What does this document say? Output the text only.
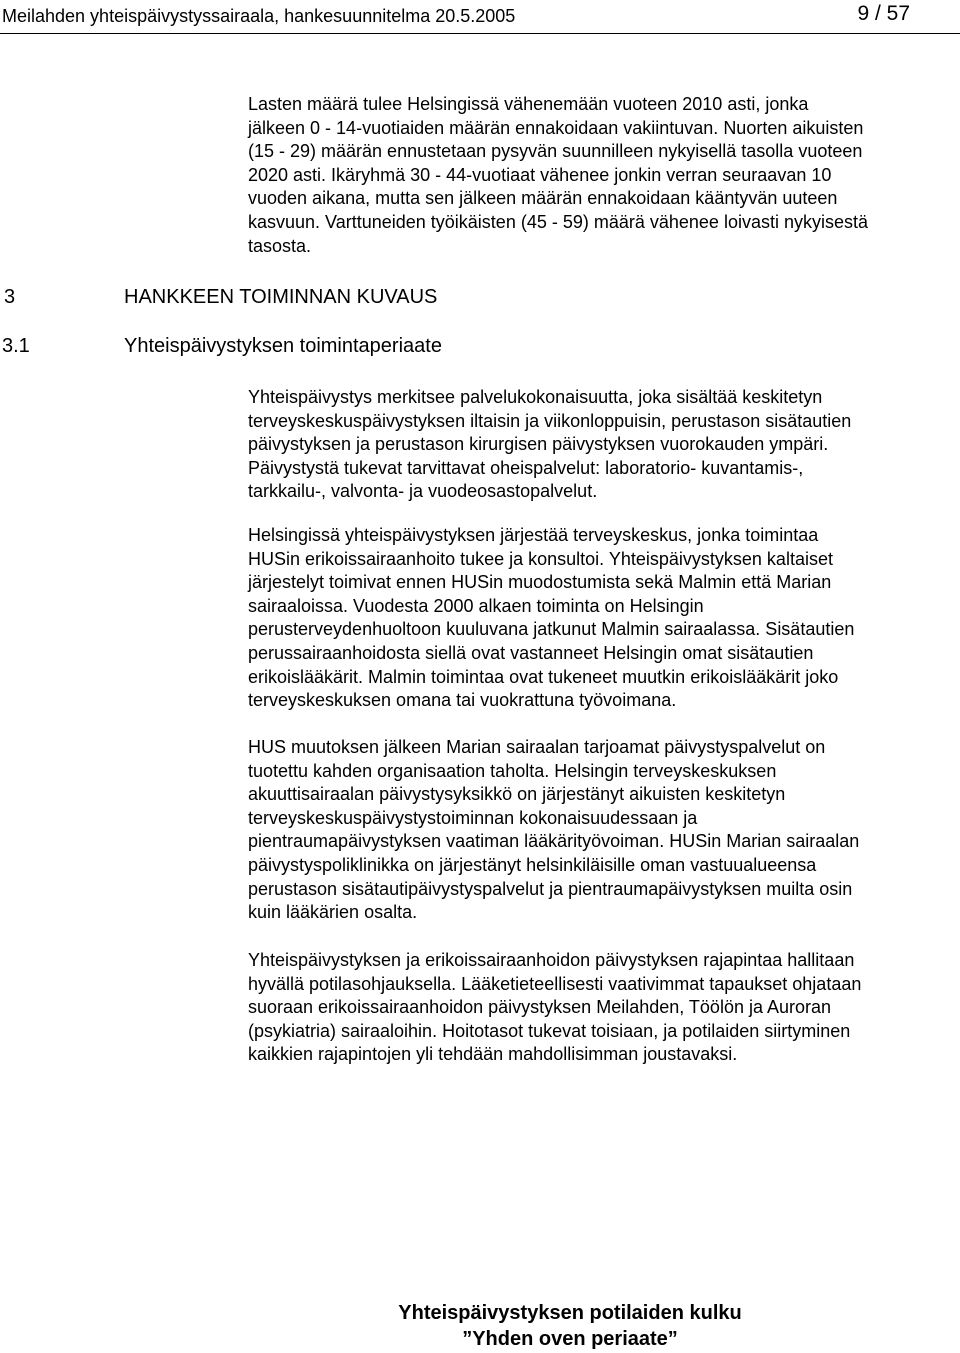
Meilahden yhteispäivystyssairaala, hankesuunnitelma 20.5.2005	9 / 57
Lasten määrä tulee Helsingissä vähenemään vuoteen 2010 asti, jonka
jälkeen 0 - 14-vuotiaiden määrän ennakoidaan vakiintuvan. Nuorten aikuisten
(15 - 29) määrän ennustetaan pysyvän suunnilleen nykyisellä tasolla vuoteen
2020 asti. Ikäryhmä 30 - 44-vuotiaat vähenee jonkin verran seuraavan 10
vuoden aikana, mutta sen jälkeen määrän ennakoidaan kääntyvän uuteen
kasvuun. Varttuneiden työikäisten (45 - 59) määrä vähenee loivasti nykyisestä
tasosta.
3	HANKKEEN TOIMINNAN KUVAUS
3.1	Yhteispäivystyksen toimintaperiaate
Yhteispäivystys merkitsee palvelukokonaisuutta, joka sisältää keskitetyn
terveyskeskuspäivystyksen iltaisin ja viikonloppuisin, perustason sisätautien
päivystyksen ja perustason kirurgisen päivystyksen vuorokauden ympäri.
Päivystystä tukevat tarvittavat oheispalvelut: laboratorio- kuvantamis-,
tarkkailu-, valvonta- ja vuodeosastopalvelut.
Helsingissä yhteispäivystyksen järjestää terveyskeskus, jonka toimintaa
HUSin erikoissairaanhoito tukee ja konsultoi. Yhteispäivystyksen kaltaiset
järjestelyt toimivat ennen HUSin muodostumista sekä Malmin että Marian
sairaaloissa. Vuodesta 2000 alkaen toiminta on Helsingin
perusterveydenhuoltoon kuuluvana jatkunut Malmin sairaalassa. Sisätautien
perussairaanhoidosta siellä ovat vastanneet Helsingin omat sisätautien
erikoislääkärit. Malmin toimintaa ovat tukeneet muutkin erikoislääkärit joko
terveyskeskuksen omana tai vuokrattuna työvoimana.
HUS muutoksen jälkeen Marian sairaalan tarjoamat päivystyspalvelut on
tuotettu kahden organisaation taholta. Helsingin terveyskeskuksen
akuuttisairaalan päivystysyksikkö on järjestänyt aikuisten keskitetyn
terveyskeskuspäivystystoiminnan kokonaisuudessaan ja
pientraumapäivystyksen vaatiman lääkärityövoiman. HUSin Marian sairaalan
päivystyspoliklinikka on järjestänyt helsinkiläisille oman vastuualueensa
perustason sisätautipäivystyspalvelut ja pientraumapäivystyksen muilta osin
kuin lääkärien osalta.
Yhteispäivystyksen ja erikoissairaanhoidon päivystyksen rajapintaa hallitaan
hyvällä potilasohjauksella. Lääketieteellisesti vaativimmat tapaukset ohjataan
suoraan erikoissairaanhoidon päivystyksen Meilahden, Töölön ja Auroran
(psykiatria) sairaaloihin. Hoitotasot tukevat toisiaan, ja potilaiden siirtyminen
kaikkien rajapintojen yli tehdään mahdollisimman joustavaksi.
Yhteispäivystyksen potilaiden kulku
”Yhden oven periaate”
